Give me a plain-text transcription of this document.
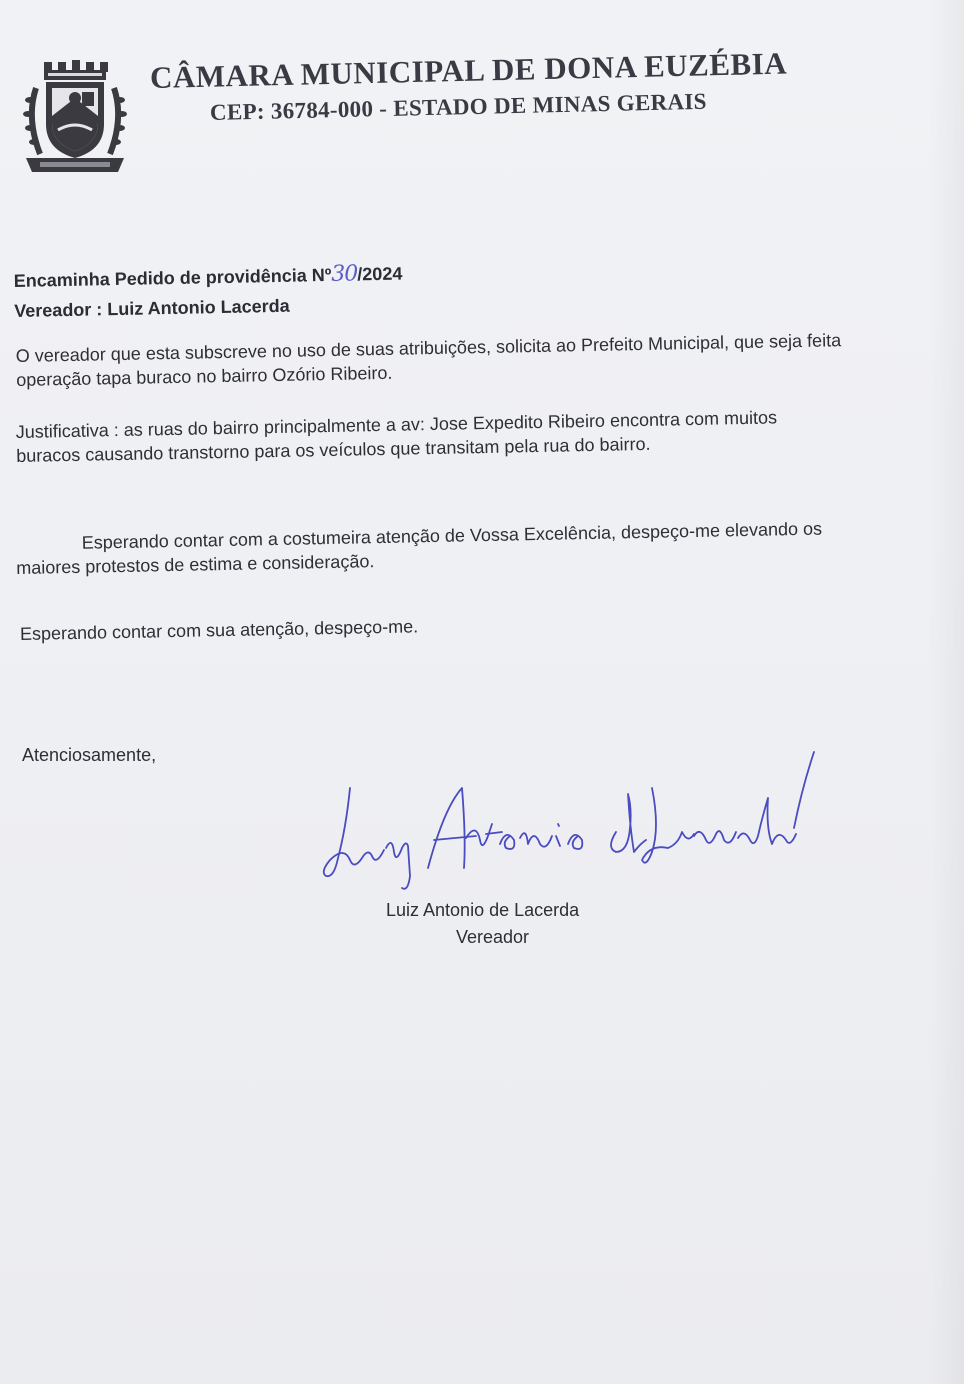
CÂMARA MUNICIPAL DE DONA EUZÉBIA
CEP: 36784-000 - ESTADO DE MINAS GERAIS
Encaminha Pedido de providência Nº30/2024
Vereador : Luiz Antonio Lacerda
O vereador que esta subscreve no uso de suas atribuições, solicita ao Prefeito Municipal, que seja feita operação tapa buraco no bairro Ozório Ribeiro.
Justificativa : as ruas do bairro principalmente a av: Jose Expedito Ribeiro encontra com muitos buracos causando transtorno para os veículos que transitam pela rua do bairro.
Esperando contar com a costumeira atenção de Vossa Excelência, despeço-me elevando os maiores protestos de estima e consideração.
Esperando contar com sua atenção, despeço-me.
Atenciosamente,
Luiz Antonio de Lacerda
Vereador
